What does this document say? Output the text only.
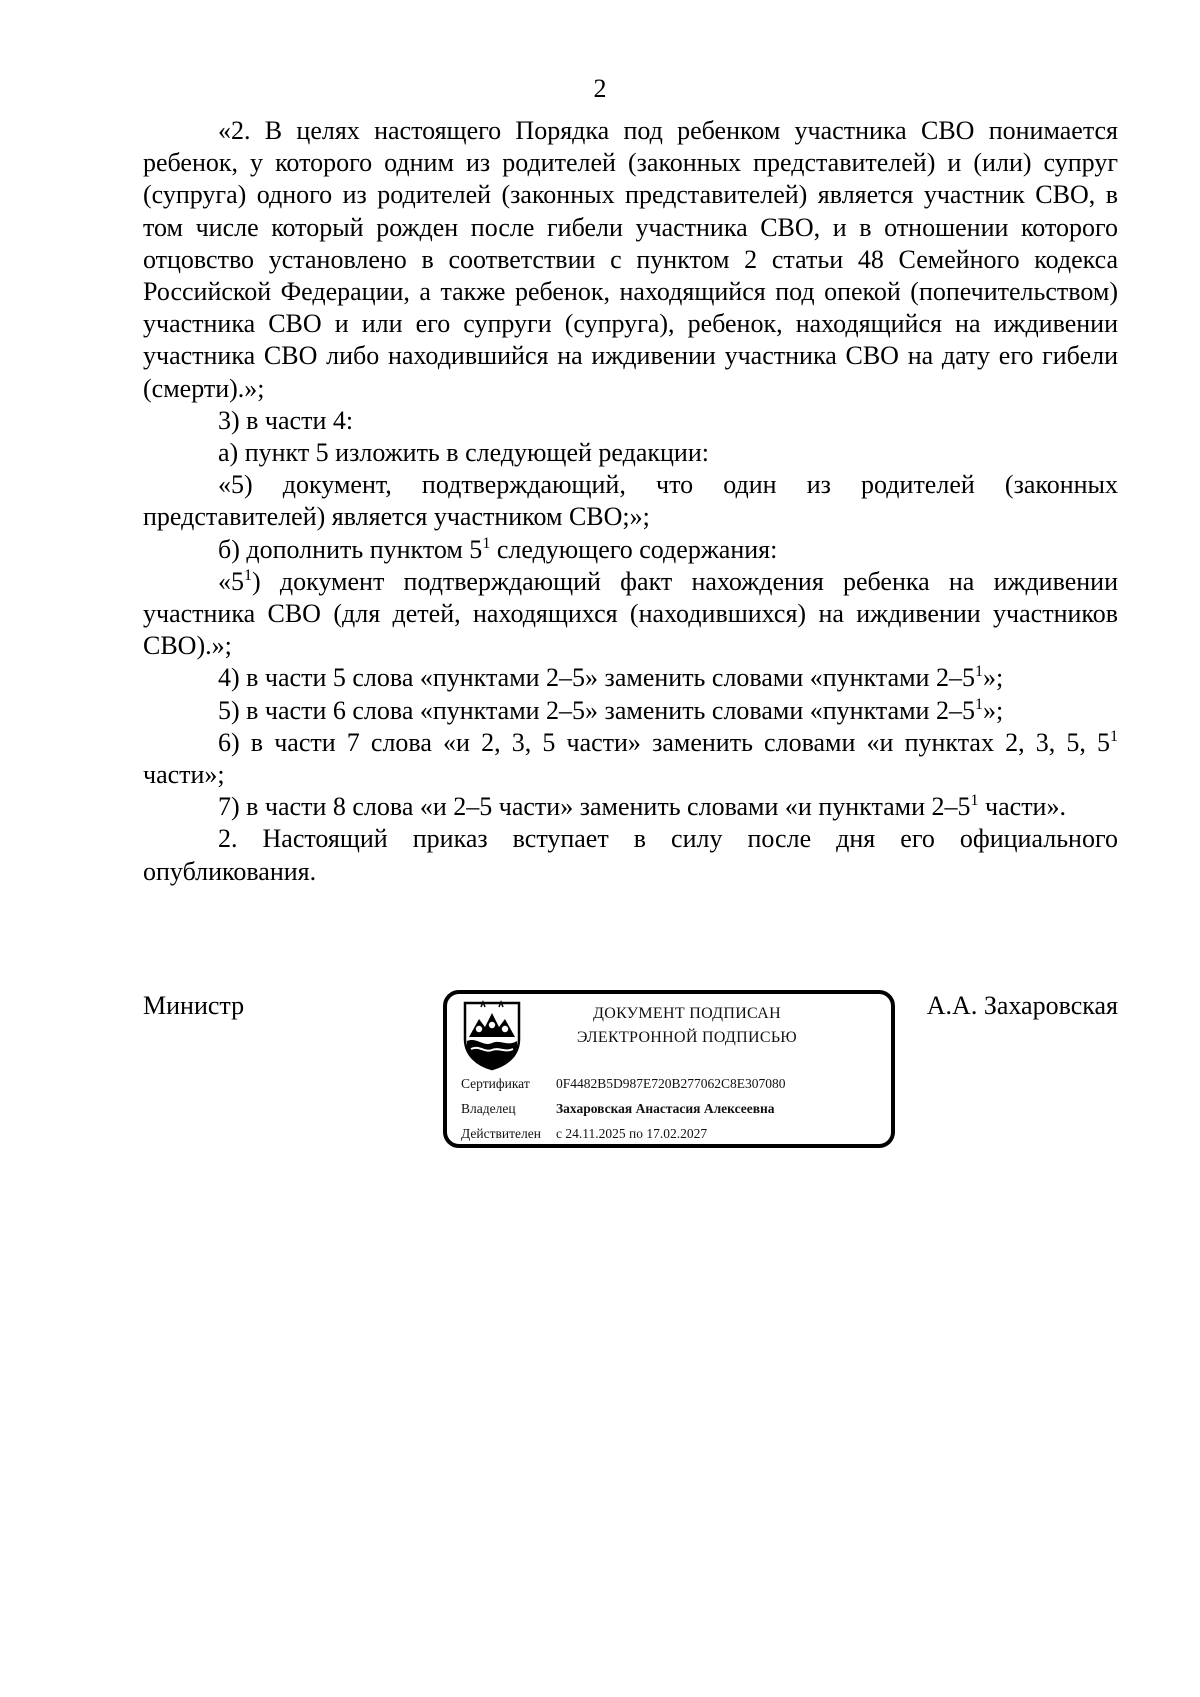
2

«2. В целях настоящего Порядка под ребенком участника СВО понимается ребенок, у которого одним из родителей (законных представителей) и (или) супруг (супруга) одного из родителей (законных представителей) является участник СВО, в том числе который рожден после гибели участника СВО, и в отношении которого отцовство установлено в соответствии с пунктом 2 статьи 48 Семейного кодекса Российской Федерации, а также ребенок, находящийся под опекой (попечительством) участника СВО и или его супруги (супруга), ребенок, находящийся на иждивении участника СВО либо находившийся на иждивении участника СВО на дату его гибели (смерти).»;

3) в части 4:

а) пункт 5 изложить в следующей редакции:

«5) документ, подтверждающий, что один из родителей (законных представителей) является участником СВО;»;

б) дополнить пунктом $5^1$ следующего содержания:

«$5^1$) документ подтверждающий факт нахождения ребенка на иждивении участника СВО (для детей, находящихся (находившихся) на иждивении участников СВО).»;

4) в части 5 слова «пунктами 2–5» заменить словами «пунктами $2-5^1$»;

5) в части 6 слова «пунктами 2–5» заменить словами «пунктами $2-5^1$»;

6) в части 7 слова «и 2, 3, 5 части» заменить словами «и пунктах 2, 3, 5, $5^1$ части»;

7) в части 8 слова «и 2–5 части» заменить словами «и пунктами $2-5^1$ части».

2. Настоящий приказ вступает в силу после дня его официального опубликования.

Министр	ДОКУМЕНТ ПОДПИСАН
ЭЛЕКТРОННОЙ ПОДПИСЬЮ
Сертификат 0F4482B5D987E720B277062C8E307080
Владелец	Захаровская Анастасия Алексеевна
Действителен с 24.11.2025 по 17.02.2027
А.А. Захаровская
